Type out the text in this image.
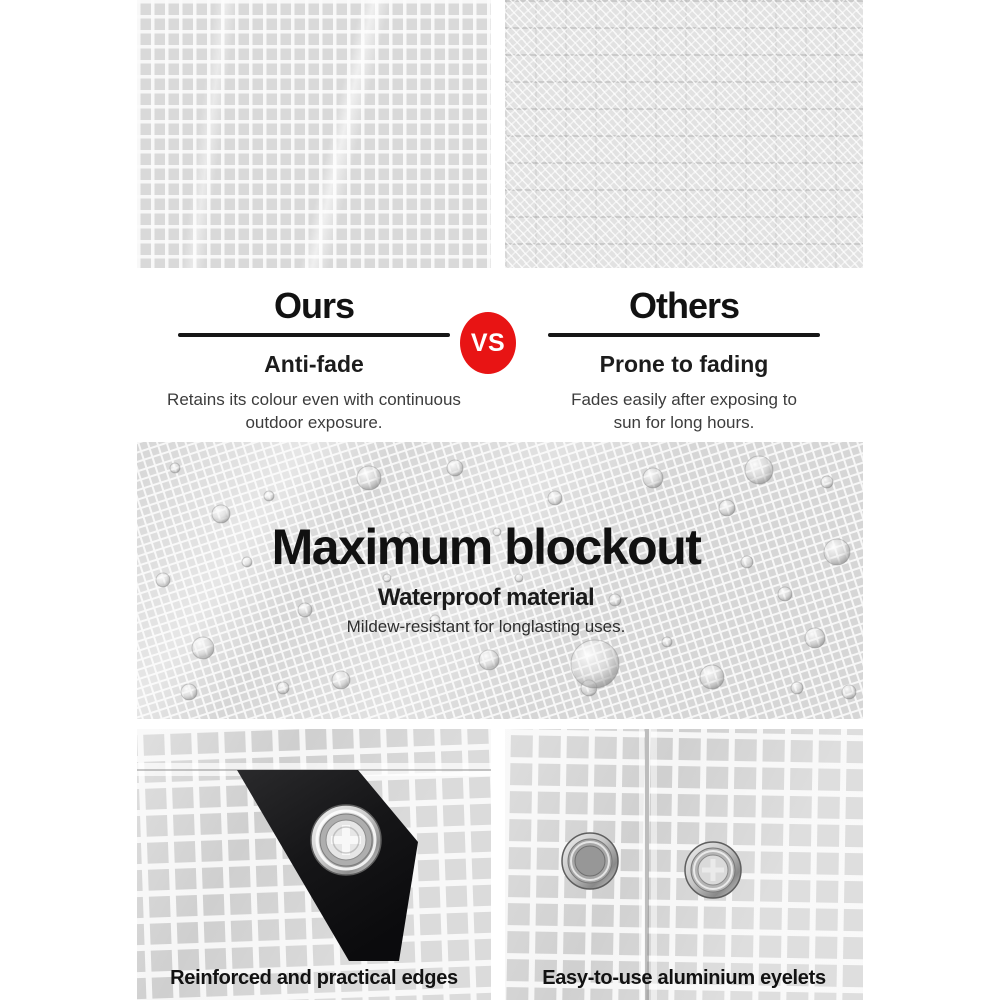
Ours
Anti-fade

Retains its colour even with continuous outdoor exposure.

VS
Others
Prone to fading

Fades easily after exposing to sun for long hours.

Maximum blockout
Waterproof material

Mildew-resistant for longlasting uses.

Reinforced and practical edges	Easy-to-use aluminium eyelets
